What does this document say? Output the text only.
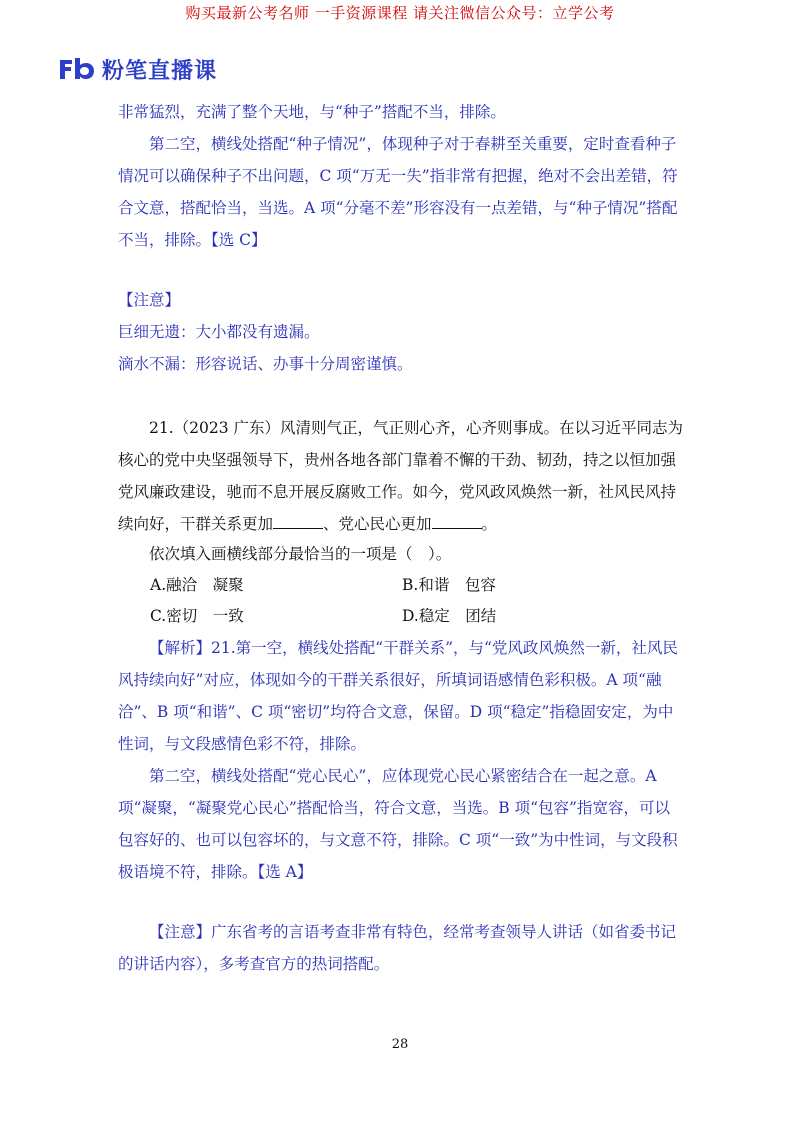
购买最新公考名师 一手资源课程 请关注微信公众号：立学公考
粉笔直播课

非常猛烈，充满了整个天地，与“种子”搭配不当，排除。

第二空，横线处搭配“种子情况”，体现种子对于春耕至关重要，定时查看种子情况可以确保种子不出问题，C 项“万无一失”指非常有把握，绝对不会出差错，符合文意，搭配恰当，当选。A 项“分毫不差”形容没有一点差错，与“种子情况”搭配不当，排除。【选 C】

【注意】

巨细无遗：大小都没有遗漏。

滴水不漏：形容说话、办事十分周密谨慎。

21.（2023 广东）风清则气正，气正则心齐，心齐则事成。在以习近平同志为核心的党中央坚强领导下，贵州各地各部门靠着不懈的干劲、韧劲，持之以恒加强党风廉政建设，驰而不息开展反腐败工作。如今，党风政风焕然一新，社风民风持续向好，干群关系更加	、党心民心更加	。

依次填入画横线部分最恰当的一项是（　）。

A.融洽　凝聚	B.和谐　包容
C.密切　一致	D.稳定　团结

【解析】21.第一空，横线处搭配“干群关系”，与“党风政风焕然一新，社风民风持续向好”对应，体现如今的干群关系很好，所填词语感情色彩积极。A 项“融洽”、B 项“和谐”、C 项“密切”均符合文意，保留。D 项“稳定”指稳固安定，为中性词，与文段感情色彩不符，排除。

第二空，横线处搭配“党心民心”，应体现党心民心紧密结合在一起之意。A 项“凝聚，“凝聚党心民心”搭配恰当，符合文意，当选。B 项“包容”指宽容，可以包容好的、也可以包容坏的，与文意不符，排除。C 项“一致”为中性词，与文段积极语境不符，排除。【选 A】

【注意】广东省考的言语考查非常有特色，经常考查领导人讲话（如省委书记的讲话内容），多考查官方的热词搭配。

28
